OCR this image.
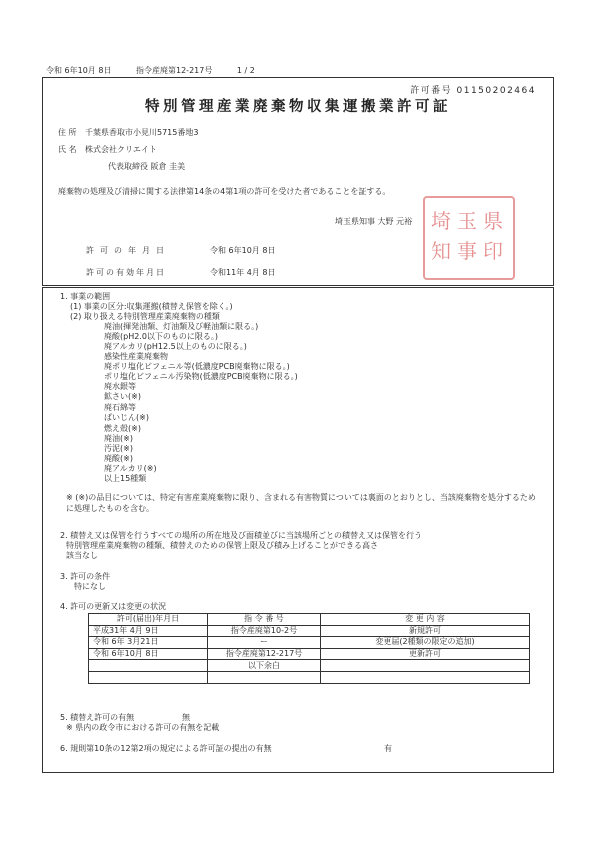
令和 6年10月 8日	指令産廃第12-217号	1 / 2
許可番号 01150202464
特別管理産業廃棄物収集運搬業許可証
住 所 千葉県香取市小見川5715番地3
氏 名 株式会社クリエイト
代表取締役 阪倉 圭美
廃棄物の処理及び清掃に関する法律第14条の4第1項の許可を受けた者であることを証する。
埼玉県知事 大野 元裕 埼玉県知事印
許可の年月日	令和 6年10月 8日
許可の有効年月日	令和11年 4月 8日
1. 事業の範囲
(1) 事業の区分:収集運搬(積替え保管を除く。)
(2) 取り扱える特別管理産業廃棄物の種類
廃油(揮発油類、灯油類及び軽油類に限る。)
廃酸(pH2.0以下のものに限る。)
廃アルカリ(pH12.5以上のものに限る。)
感染性産業廃棄物
廃ポリ塩化ビフェニル等(低濃度PCB廃棄物に限る。)
ポリ塩化ビフェニル汚染物(低濃度PCB廃棄物に限る。)
廃水銀等
鉱さい(※)
廃石綿等
ばいじん(※)
燃え殻(※)
廃油(※)
汚泥(※)
廃酸(※)
廃アルカリ(※)
以上15種類
※ (※)の品目については、特定有害産業廃棄物に限り、含まれる有害物質については裏面のとおりとし、当該廃棄物を処分するために処理したものを含む。
2. 積替え又は保管を行うすべての場所の所在地及び面積並びに当該場所ごとの積替え又は保管を行う
特別管理産業廃棄物の種類、積替えのための保管上限及び積み上げることができる高さ
該当なし
3. 許可の条件
特になし
4. 許可の更新又は変更の状況
許可(届出)年月日	指 令 番 号	変 更 内 容
平成31年 4月 9日	指令産廃第10-2号	新規許可
令和 6年 3月21日	ー	変更届(2種類の限定の追加)
令和 6年10月 8日	指令産廃第12-217号	更新許可
	以下余白	

5. 積替え許可の有無	無
※ 県内の政令市における許可の有無を記載
6. 規則第10条の12第2項の規定による許可証の提出の有無	有
